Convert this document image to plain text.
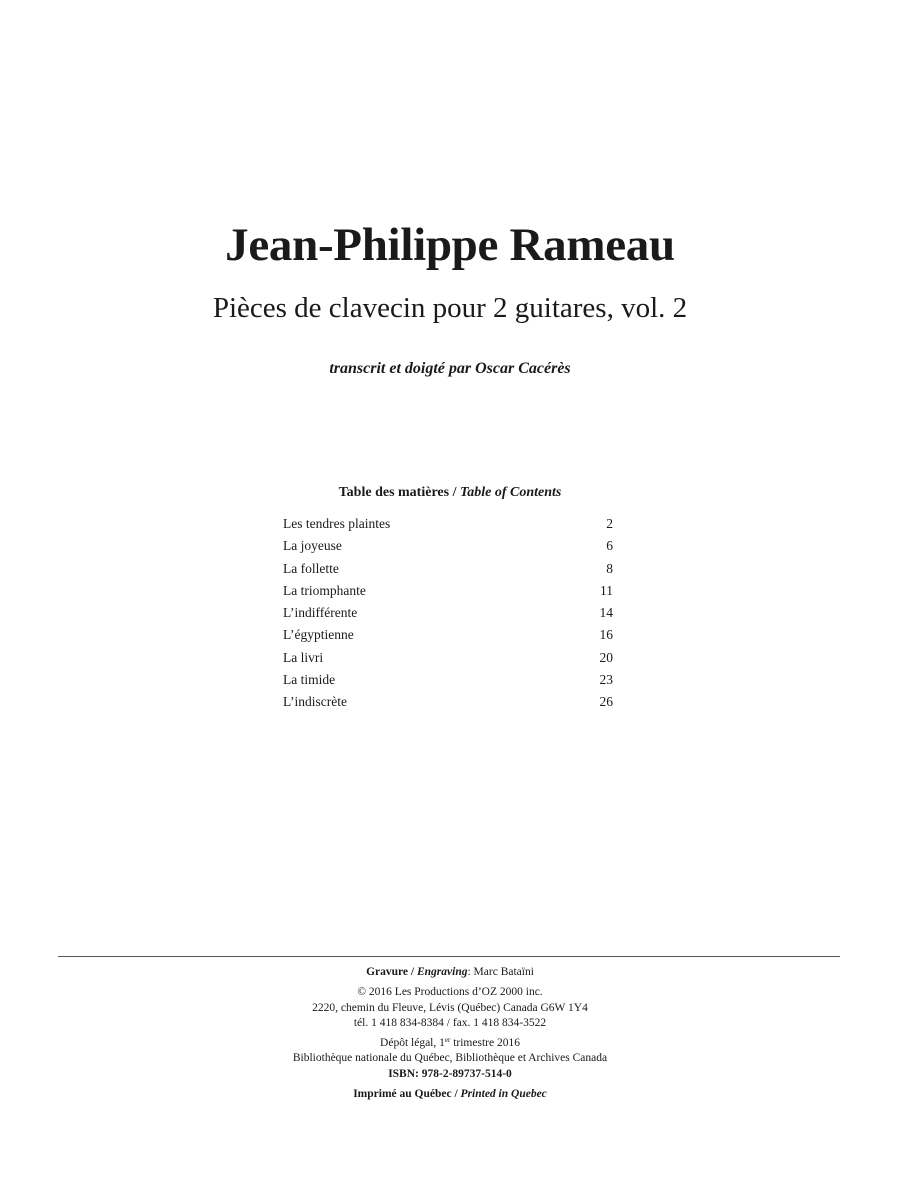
Jean-Philippe Rameau
Pièces de clavecin pour 2 guitares, vol. 2
transcrit et doigté par Oscar Cacérès
Table des matières / Table of Contents
Les tendres plaintes	2
La joyeuse	6
La follette	8
La triomphante	11
L’indifférente	14
L’égyptienne	16
La livri	20
La timide	23
L’indiscrète	26
Gravure / Engraving: Marc Bataïni
© 2016 Les Productions d’OZ 2000 inc.
2220, chemin du Fleuve, Lévis (Québec) Canada G6W 1Y4
tél. 1 418 834-8384 / fax. 1 418 834-3522
Dépôt légal, 1er trimestre 2016
Bibliothèque nationale du Québec, Bibliothèque et Archives Canada
ISBN: 978-2-89737-514-0
Imprimé au Québec / Printed in Quebec
